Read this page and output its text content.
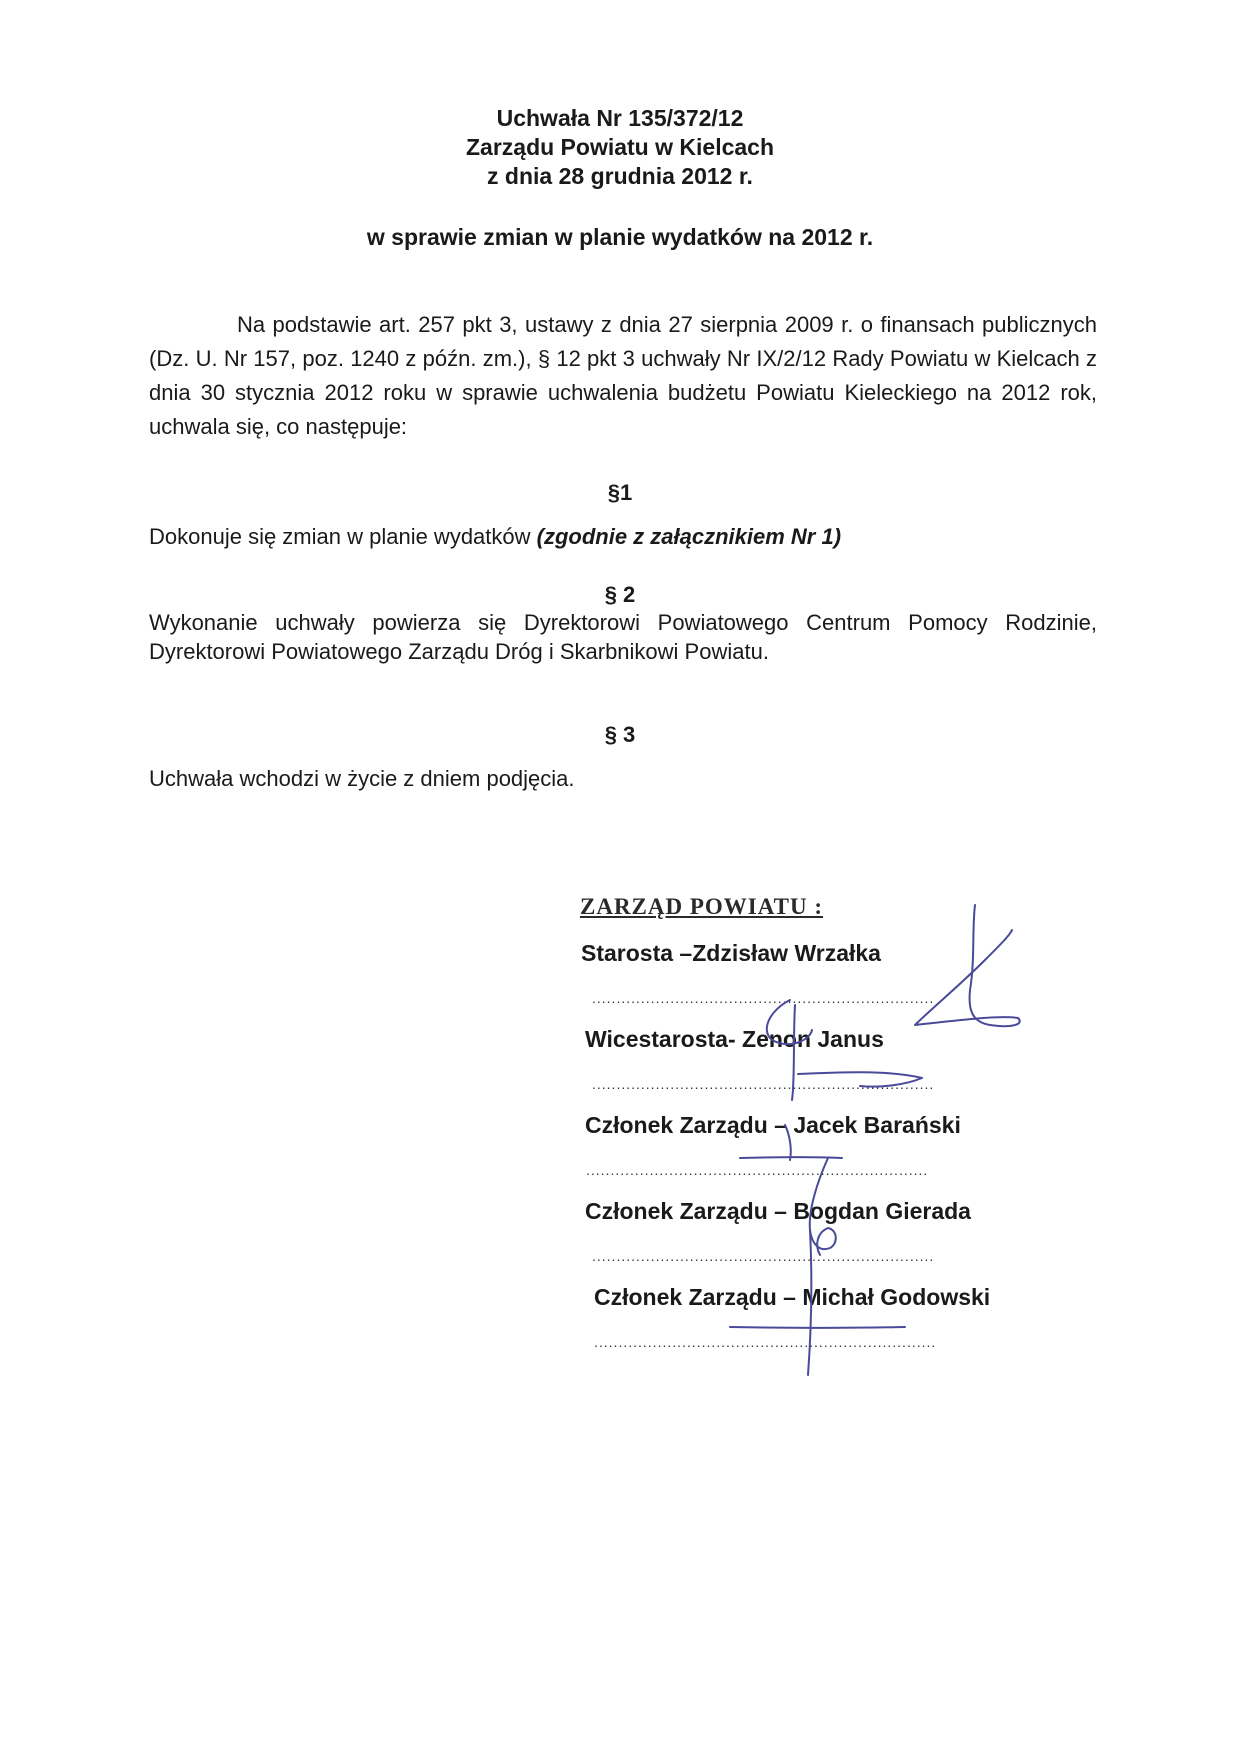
Uchwała Nr 135/372/12
Zarządu Powiatu w Kielcach
z dnia 28 grudnia 2012 r.
w sprawie zmian w planie wydatków na 2012 r.

Na podstawie art. 257 pkt 3, ustawy z dnia 27 sierpnia 2009 r. o finansach publicznych (Dz. U. Nr 157, poz. 1240 z późn. zm.), § 12 pkt 3 uchwały Nr IX/2/12 Rady Powiatu w Kielcach z dnia 30 stycznia 2012 roku w sprawie uchwalenia budżetu Powiatu Kieleckiego na 2012 rok, uchwala się, co następuje:

§1

Dokonuje się zmian w planie wydatków (zgodnie z załącznikiem Nr 1)

§ 2

Wykonanie uchwały powierza się Dyrektorowi Powiatowego Centrum Pomocy Rodzinie, Dyrektorowi Powiatowego Zarządu Dróg i Skarbnikowi Powiatu.

§ 3

Uchwała wchodzi w życie z dniem podjęcia.

ZARZĄD POWIATU :
Starosta –Zdzisław Wrzałka
......................................................................
Wicestarosta- Zenon Janus
......................................................................
Członek Zarządu – Jacek Barański
......................................................................
Członek Zarządu – Bogdan Gierada
......................................................................
Członek Zarządu – Michał Godowski
......................................................................
